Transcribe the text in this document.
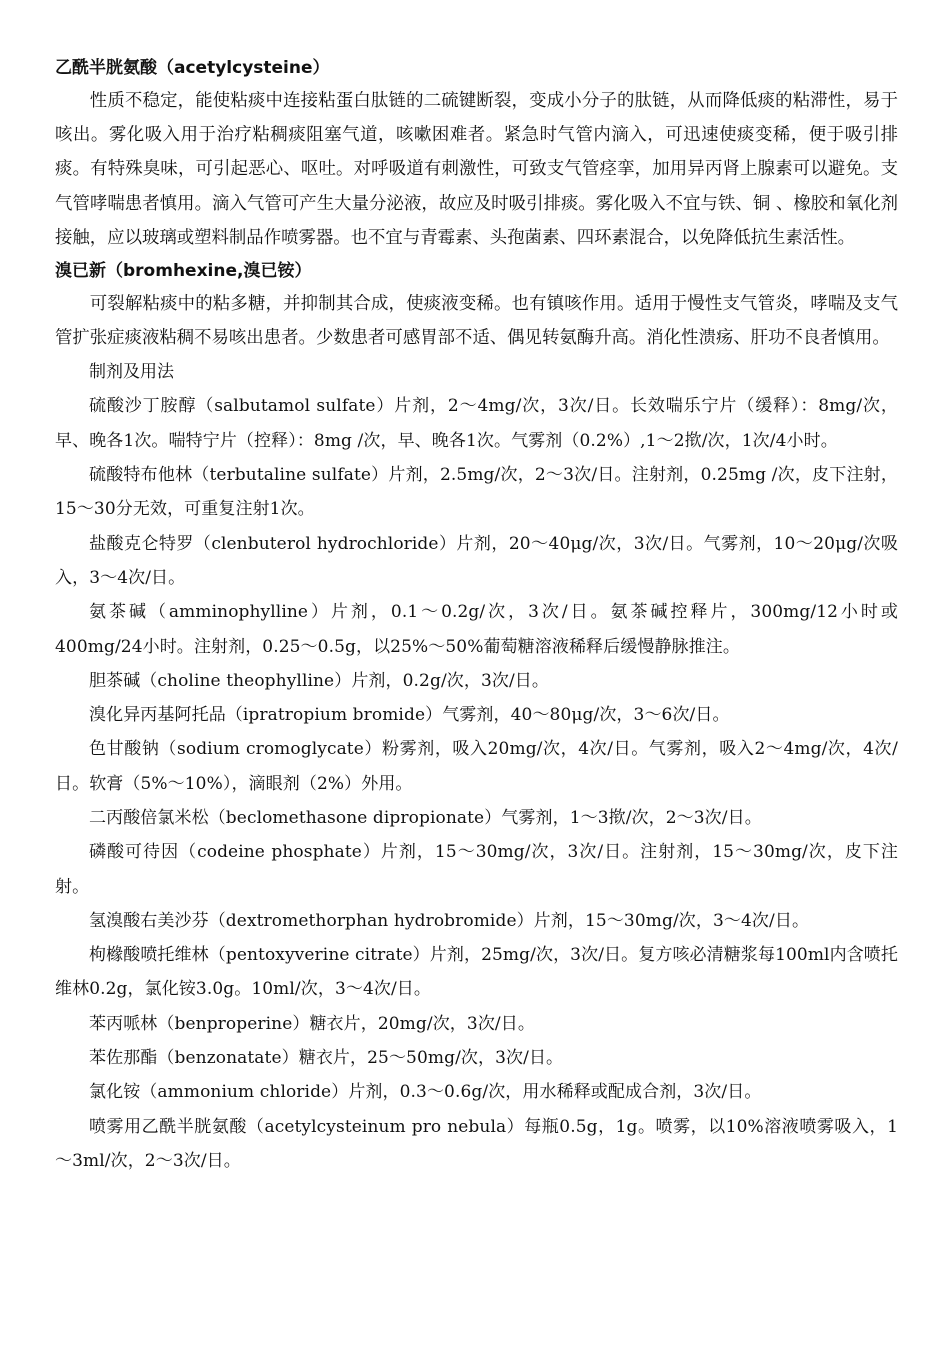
乙酰半胱氨酸（acetylcysteine）

性质不稳定，能使粘痰中连接粘蛋白肽链的二硫键断裂，变成小分子的肽链，从而降低痰的粘滞性，易于咳出。雾化吸入用于治疗粘稠痰阻塞气道，咳嗽困难者。紧急时气管内滴入，可迅速使痰变稀，便于吸引排痰。有特殊臭味，可引起恶心、呕吐。对呼吸道有刺激性，可致支气管痉挛，加用异丙肾上腺素可以避免。支气管哮喘患者慎用。滴入气管可产生大量分泌液，故应及时吸引排痰。雾化吸入不宜与铁、铜 、橡胶和氧化剂接触，应以玻璃或塑料制品作喷雾器。也不宜与青霉素、头孢菌素、四环素混合，以免降低抗生素活性。

溴已新（bromhexine,溴已铵）

可裂解粘痰中的粘多糖，并抑制其合成，使痰液变稀。也有镇咳作用。适用于慢性支气管炎，哮喘及支气管扩张症痰液粘稠不易咳出患者。少数患者可感胃部不适、偶见转氨酶升高。消化性溃疡、肝功不良者慎用。

制剂及用法

硫酸沙丁胺醇（salbutamol sulfate）片剂，2～4mg/次，3次/日。长效喘乐宁片（缓释）：8mg/次，早、晚各1次。喘特宁片（控释）：8mg /次，早、晚各1次。气雾剂（0.2%）,1～2揿/次，1次/4小时。

硫酸特布他林（terbutaline sulfate）片剂，2.5mg/次，2～3次/日。注射剂，0.25mg /次，皮下注射，15～30分无效，可重复注射1次。

盐酸克仑特罗（clenbuterol hydrochloride）片剂，20～40μg/次，3次/日。气雾剂，10～20μg/次吸入，3～4次/日。

氨茶碱（amminophylline）片剂，0.1～0.2g/次，3次/日。氨茶碱控释片，300mg/12小时或400mg/24小时。注射剂，0.25～0.5g，以25%～50%葡萄糖溶液稀释后缓慢静脉推注。

胆茶碱（choline theophylline）片剂，0.2g/次，3次/日。

溴化异丙基阿托品（ipratropium bromide）气雾剂，40～80μg/次，3～6次/日。

色甘酸钠（sodium cromoglycate）粉雾剂，吸入20mg/次，4次/日。气雾剂，吸入2～4mg/次，4次/日。软膏（5%～10%），滴眼剂（2%）外用。

二丙酸倍氯米松（beclomethasone dipropionate）气雾剂，1～3揿/次，2～3次/日。

磷酸可待因（codeine phosphate）片剂，15～30mg/次，3次/日。注射剂，15～30mg/次，皮下注射。

氢溴酸右美沙芬（dextromethorphan hydrobromide）片剂，15～30mg/次，3～4次/日。

枸橼酸喷托维林（pentoxyverine citrate）片剂，25mg/次，3次/日。复方咳必清糖浆每100ml内含喷托维林0.2g，氯化铵3.0g。10ml/次，3～4次/日。

苯丙哌林（benproperine）糖衣片，20mg/次，3次/日。

苯佐那酯（benzonatate）糖衣片，25～50mg/次，3次/日。

氯化铵（ammonium chloride）片剂，0.3～0.6g/次，用水稀释或配成合剂，3次/日。

喷雾用乙酰半胱氨酸（acetylcysteinum pro nebula）每瓶0.5g，1g。喷雾，以10%溶液喷雾吸入，1～3ml/次，2～3次/日。
